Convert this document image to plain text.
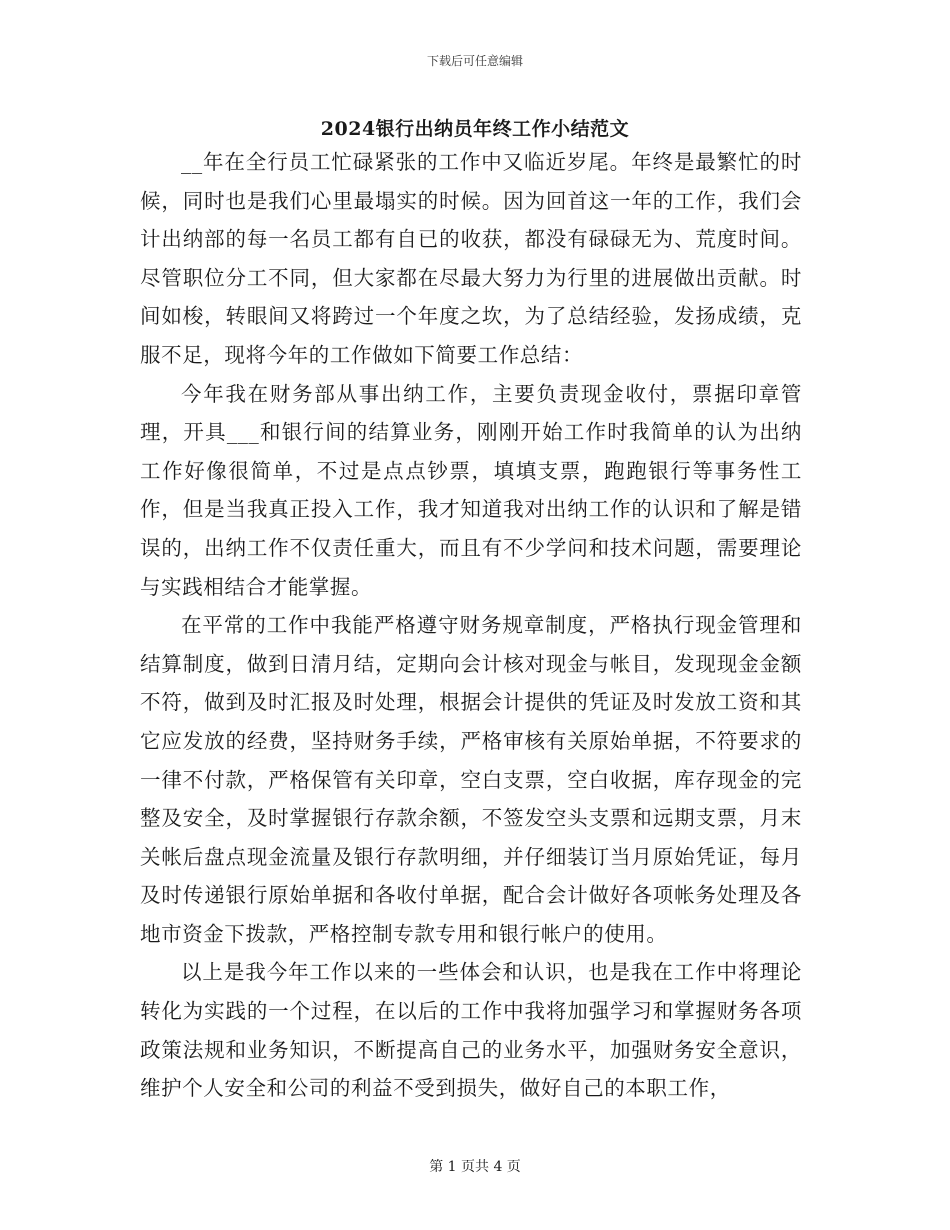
下载后可任意编辑
2024银行出纳员年终工作小结范文

__年在全行员工忙碌紧张的工作中又临近岁尾。年终是最繁忙的时候，同时也是我们心里最塌实的时候。因为回首这一年的工作，我们会计出纳部的每一名员工都有自已的收获，都没有碌碌无为、荒度时间。尽管职位分工不同，但大家都在尽最大努力为行里的进展做出贡献。时间如梭，转眼间又将跨过一个年度之坎，为了总结经验，发扬成绩，克服不足，现将今年的工作做如下简要工作总结：

今年我在财务部从事出纳工作，主要负责现金收付，票据印章管理，开具___和银行间的结算业务，刚刚开始工作时我简单的认为出纳工作好像很简单，不过是点点钞票，填填支票，跑跑银行等事务性工作，但是当我真正投入工作，我才知道我对出纳工作的认识和了解是错误的，出纳工作不仅责任重大，而且有不少学问和技术问题，需要理论与实践相结合才能掌握。

在平常的工作中我能严格遵守财务规章制度，严格执行现金管理和结算制度，做到日清月结，定期向会计核对现金与帐目，发现现金金额不符，做到及时汇报及时处理，根据会计提供的凭证及时发放工资和其它应发放的经费，坚持财务手续，严格审核有关原始单据，不符要求的一律不付款，严格保管有关印章，空白支票，空白收据，库存现金的完整及安全，及时掌握银行存款余额，不签发空头支票和远期支票，月末关帐后盘点现金流量及银行存款明细，并仔细装订当月原始凭证，每月及时传递银行原始单据和各收付单据，配合会计做好各项帐务处理及各地市资金下拨款，严格控制专款专用和银行帐户的使用。

以上是我今年工作以来的一些体会和认识，也是我在工作中将理论转化为实践的一个过程，在以后的工作中我将加强学习和掌握财务各项政策法规和业务知识，不断提高自己的业务水平，加强财务安全意识，维护个人安全和公司的利益不受到损失，做好自己的本职工作，

第 1 页共 4 页
